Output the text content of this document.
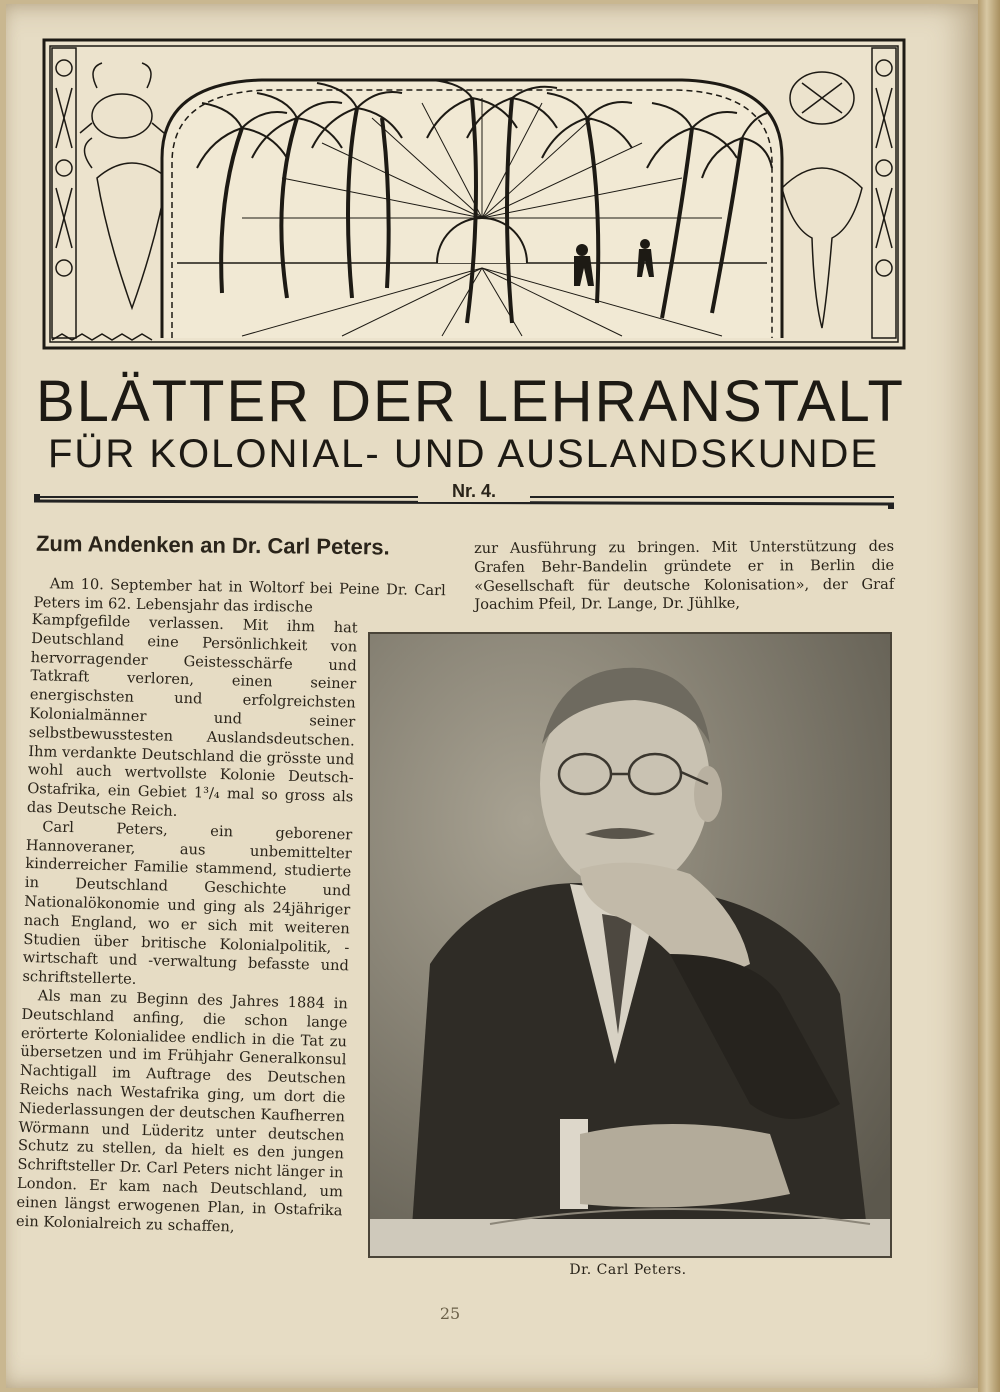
BLÄTTER DER LEHRANSTALT
FÜR KOLONIAL- UND AUSLANDSKUNDE
Nr. 4.
Zum Andenken an Dr. Carl Peters.

Am 10. September hat in Woltorf bei Peine Dr. Carl Peters im 62. Lebensjahr das irdische

Kampfgefilde verlassen. Mit ihm hat Deutschland eine Persönlichkeit von hervorragender Geistesschärfe und Tatkraft verloren, einen seiner energischsten und erfolgreichsten Kolonialmänner und seiner selbstbewusstesten Auslandsdeutschen. Ihm verdankte Deutschland die grösste und wohl auch wertvollste Kolonie Deutsch-Ostafrika, ein Gebiet 1³/₄ mal so gross als das Deutsche Reich.

Carl Peters, ein geborener Hannoveraner, aus unbemittelter kinderreicher Familie stammend, studierte in Deutschland Geschichte und Nationalökonomie und ging als 24jähriger nach England, wo er sich mit weiteren Studien über britische Kolonialpolitik, -wirtschaft und -verwaltung befasste und schriftstellerte.

Als man zu Beginn des Jahres 1884 in Deutschland anfing, die schon lange erörterte Kolonialidee endlich in die Tat zu übersetzen und im Frühjahr Generalkonsul Nachtigall im Auftrage des Deutschen Reichs nach Westafrika ging, um dort die Niederlassungen der deutschen Kaufherren Wörmann und Lüderitz unter deutschen Schutz zu stellen, da hielt es den jungen Schriftsteller Dr. Carl Peters nicht länger in London. Er kam nach Deutschland, um einen längst erwogenen Plan, in Ostafrika ein Kolonialreich zu schaffen,

zur Ausführung zu bringen. Mit Unterstützung des Grafen Behr-Bandelin gründete er in Berlin die «Gesellschaft für deutsche Kolonisation», der Graf Joachim Pfeil, Dr. Lange, Dr. Jühlke,

Dr. Carl Peters.
25
